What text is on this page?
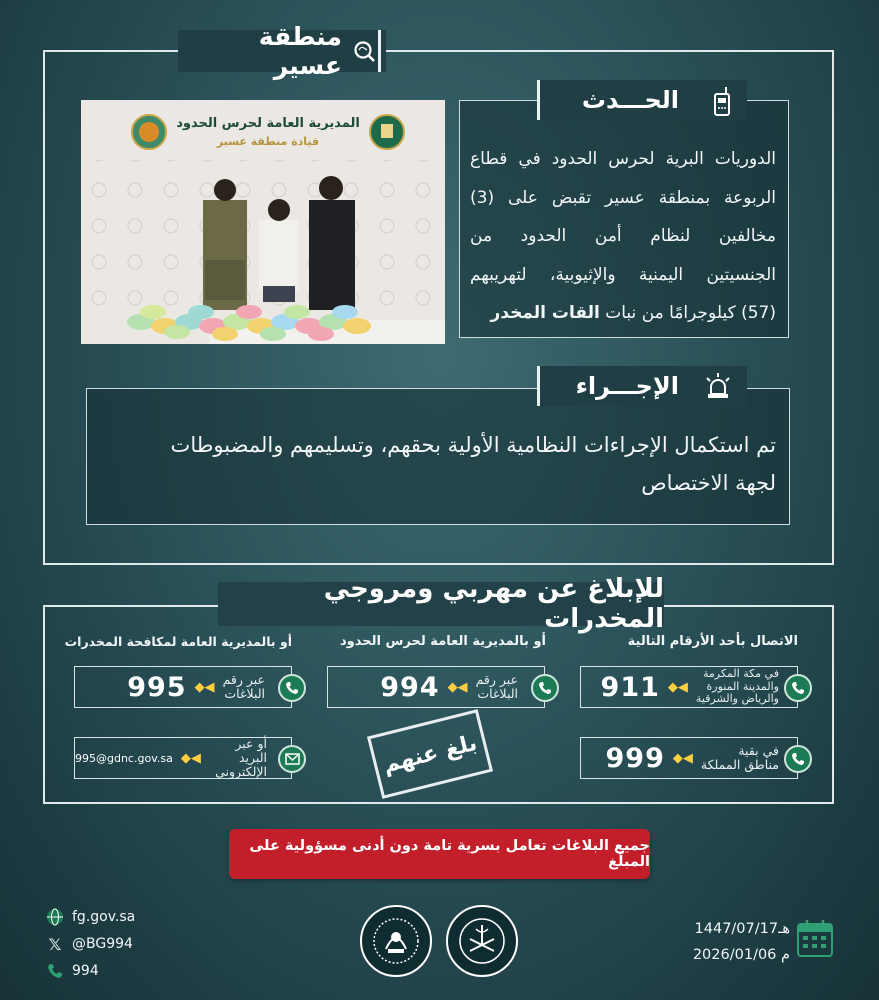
منطقة عسير
المديرية العامة لحرس الحدود
قيادة منطقة عسير
الحـــدث
الدوريات البرية لحرس الحدود في قطاع
الربوعة بمنطقة عسير تقبض على (3)
مخالفين لنظام أمن الحدود من
الجنسيتين اليمنية والإثيوبية، لتهريبهم
(57) كيلوجرامًا من نبات القات المخدر
الإجـــراء
تم استكمال الإجراءات النظامية الأولية بحقهم، وتسليمهم والمضبوطات
لجهة الاختصاص
للإبلاغ عن مهربي ومروجي المخدرات
الاتصال بأحد الأرقام التالية
أو بالمديرية العامة لحرس الحدود
أو بالمديرية العامة لمكافحة المخدرات
911 ◆◀
في مكة المكرمة
والمدينة المنورة
والرياض والشرقية
999 ◆◀	في بقية
مناطق المملكة
994 ◆◀ عبر رقم
البلاغات
بلغ عنهم
995 ◆◀ عبر رقم
البلاغات
995@gdnc.gov.sa ◆◀
أو عبر البريد
الإلكتروني
جميع البلاغات تعامل بسرية تامة دون أدنى مسؤولية على المبلّغ
fg.gov.sa
𝕏 @BG994
994
1447/07/17هـ
2026/01/06 م
